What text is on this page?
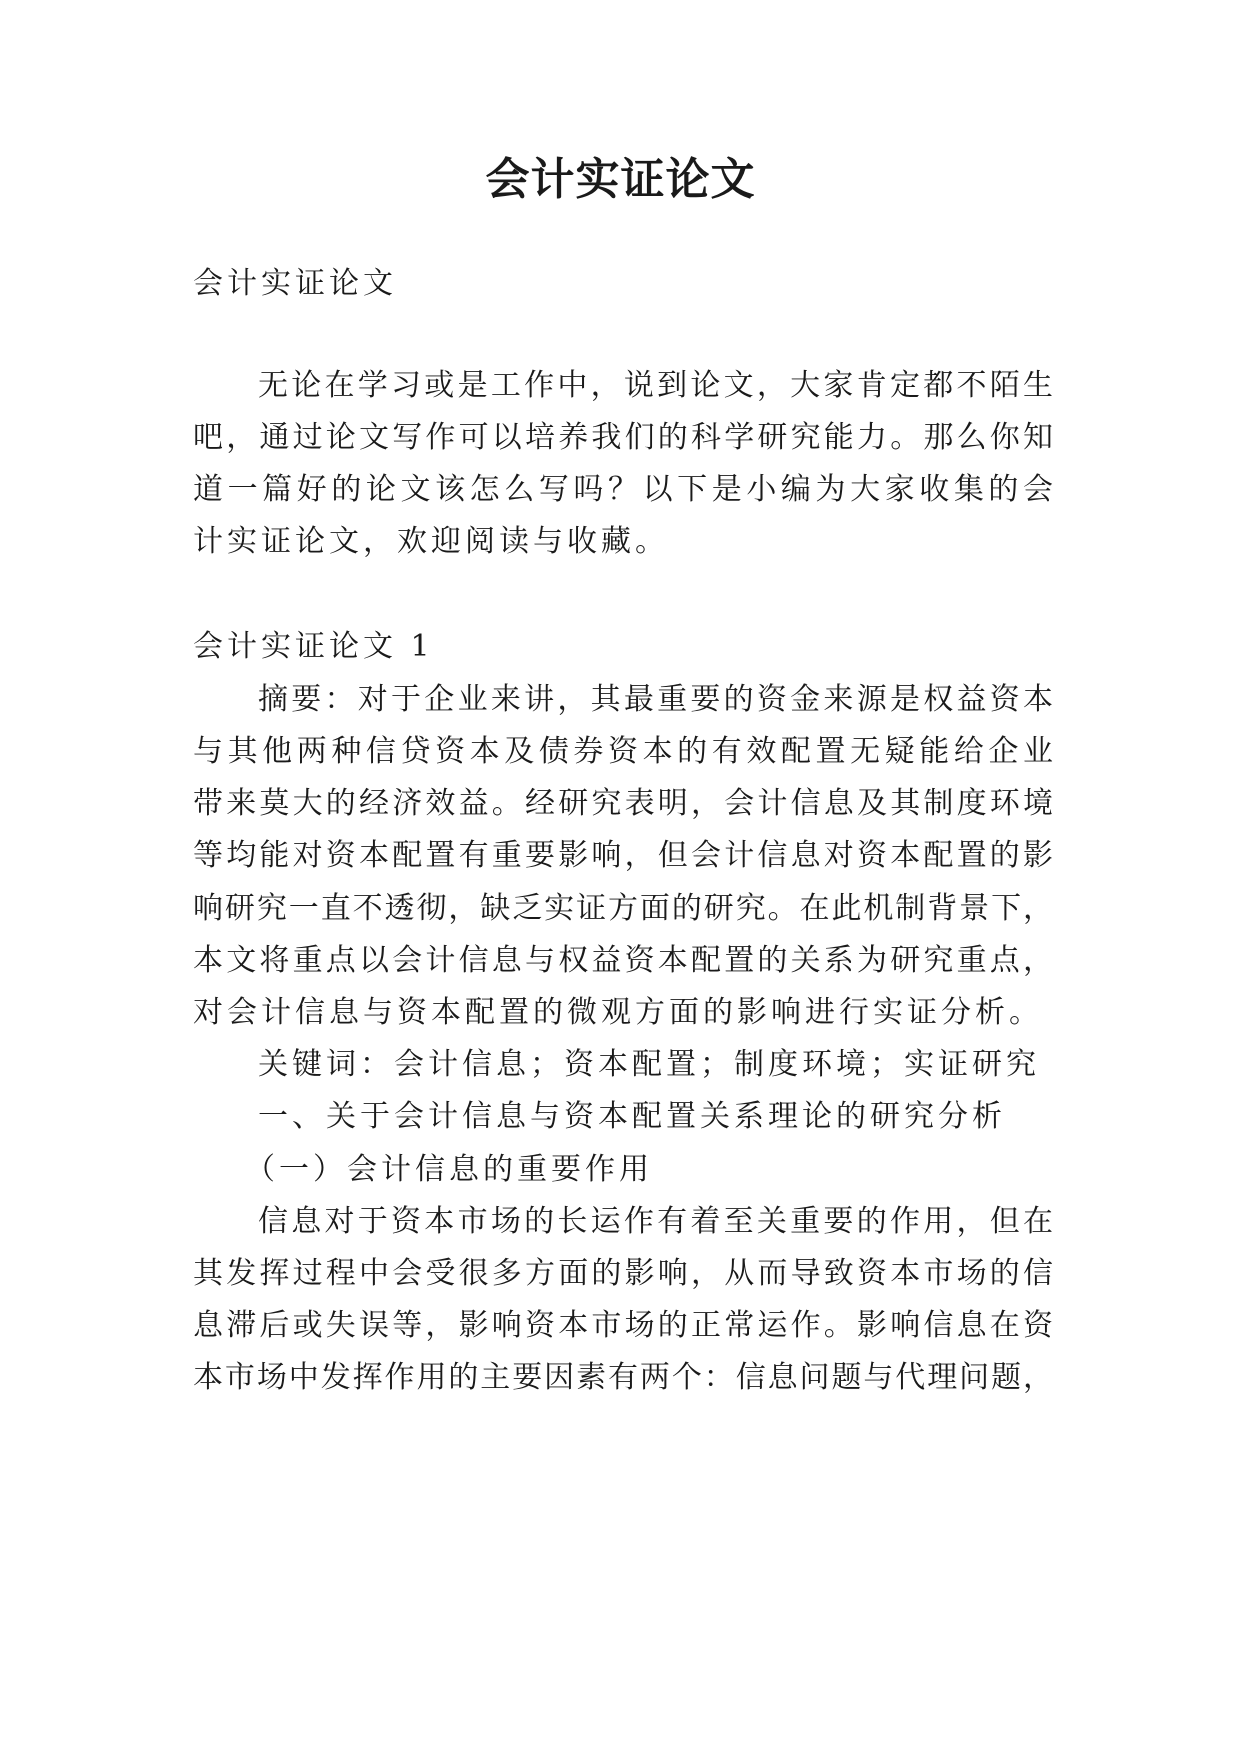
会计实证论文
会计实证论文
无论在学习或是工作中，说到论文，大家肯定都不陌生
吧，通过论文写作可以培养我们的科学研究能力。那么你知
道一篇好的论文该怎么写吗？以下是小编为大家收集的会
计实证论文，欢迎阅读与收藏。
会计实证论文 1
摘要：对于企业来讲，其最重要的资金来源是权益资本
与其他两种信贷资本及债券资本的有效配置无疑能给企业
带来莫大的经济效益。经研究表明，会计信息及其制度环境
等均能对资本配置有重要影响，但会计信息对资本配置的影
响研究一直不透彻，缺乏实证方面的研究。在此机制背景下，
本文将重点以会计信息与权益资本配置的关系为研究重点，
对会计信息与资本配置的微观方面的影响进行实证分析。
关键词：会计信息；资本配置；制度环境；实证研究
一、关于会计信息与资本配置关系理论的研究分析
（一）会计信息的重要作用
信息对于资本市场的长运作有着至关重要的作用，但在
其发挥过程中会受很多方面的影响，从而导致资本市场的信
息滞后或失误等，影响资本市场的正常运作。影响信息在资
本市场中发挥作用的主要因素有两个：信息问题与代理问题，
